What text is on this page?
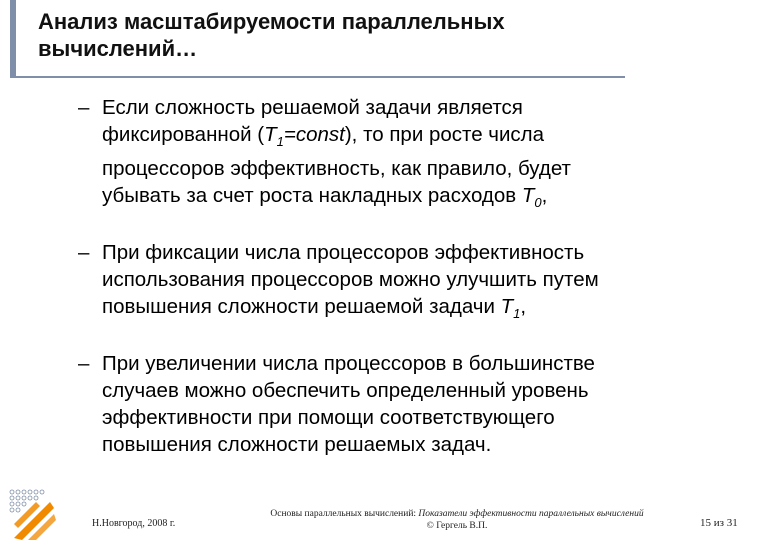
Анализ масштабируемости параллельных
вычислений…
– Если сложность решаемой задачи является
фиксированной $(T_1=const)$, то при росте числа
процессоров эффективность, как правило, будет
убывать за счет роста накладных расходов $T_0$,
– При фиксации числа процессоров эффективность
использования процессоров можно улучшить путем
повышения сложности решаемой задачи $T_1$,
– При увеличении числа процессоров в большинстве
случаев можно обеспечить определенный уровень
эффективности при помощи соответствующего
повышения сложности решаемых задач.
Н.Новгород, 2008 г.
Основы параллельных вычислений: Показатели эффективности параллельных вычислений
© Гергель В.П.	15 из 31
